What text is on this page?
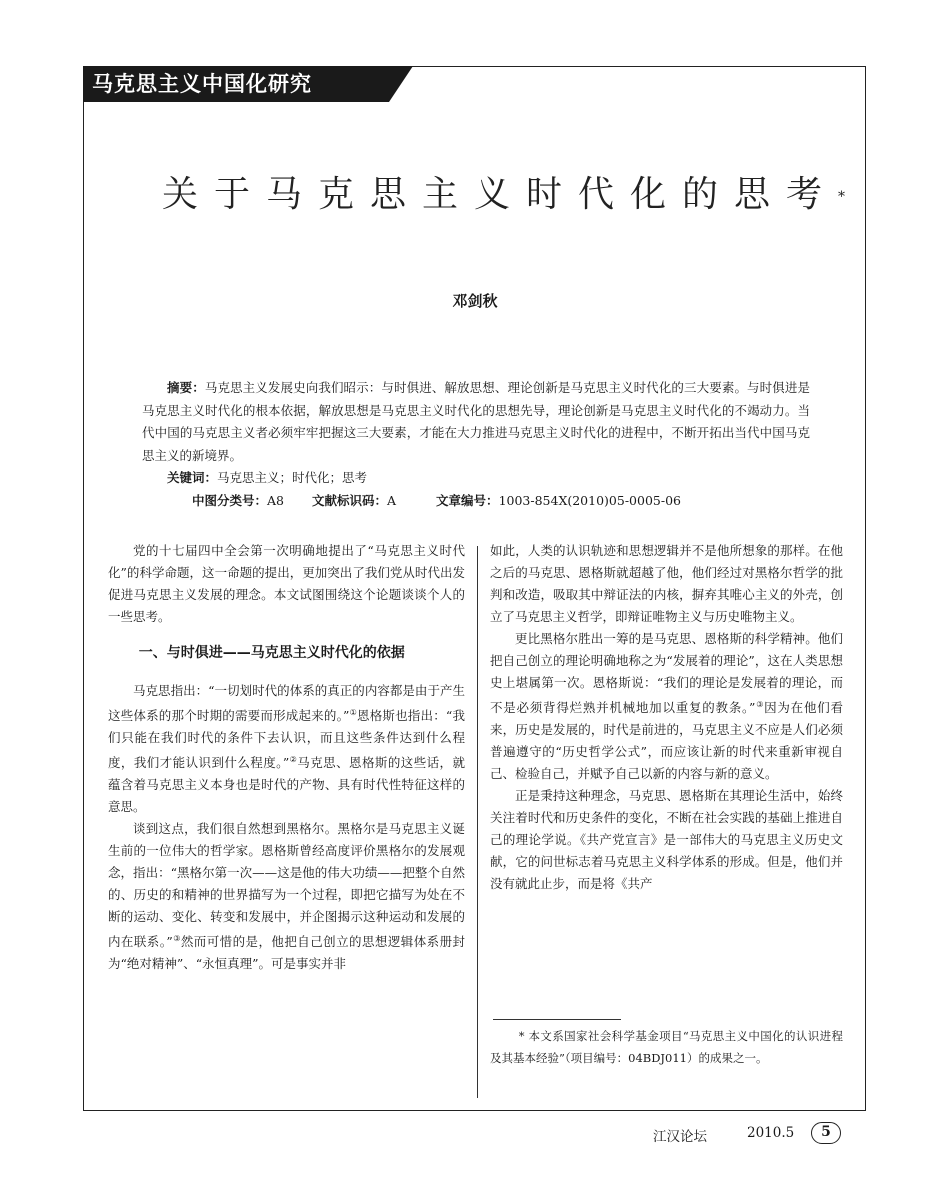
马克思主义中国化研究
关于马克思主义时代化的思考*
邓剑秋

摘要：马克思主义发展史向我们昭示：与时俱进、解放思想、理论创新是马克思主义时代化的三大要素。与时俱进是马克思主义时代化的根本依据，解放思想是马克思主义时代化的思想先导，理论创新是马克思主义时代化的不竭动力。当代中国的马克思主义者必须牢牢把握这三大要素，才能在大力推进马克思主义时代化的进程中，不断开拓出当代中国马克思主义的新境界。

关键词：马克思主义；时代化；思考

中图分类号：A8 文献标识码：A	文章编号：1003-854X(2010)05-0005-06

党的十七届四中全会第一次明确地提出了“马克思主义时代化”的科学命题，这一命题的提出，更加突出了我们党从时代出发促进马克思主义发展的理念。本文试图围绕这个论题谈谈个人的一些思考。

一、与时俱进——马克思主义时代化的依据

马克思指出：“一切划时代的体系的真正的内容都是由于产生这些体系的那个时期的需要而形成起来的。”①恩格斯也指出：“我们只能在我们时代的条件下去认识，而且这些条件达到什么程度，我们才能认识到什么程度。”②马克思、恩格斯的这些话，就蕴含着马克思主义本身也是时代的产物、具有时代性特征这样的意思。

谈到这点，我们很自然想到黑格尔。黑格尔是马克思主义诞生前的一位伟大的哲学家。恩格斯曾经高度评价黑格尔的发展观念，指出：“黑格尔第一次——这是他的伟大功绩——把整个自然的、历史的和精神的世界描写为一个过程，即把它描写为处在不断的运动、变化、转变和发展中，并企图揭示这种运动和发展的内在联系。”③然而可惜的是，他把自己创立的思想逻辑体系册封为“绝对精神”、“永恒真理”。可是事实并非

如此，人类的认识轨迹和思想逻辑并不是他所想象的那样。在他之后的马克思、恩格斯就超越了他，他们经过对黑格尔哲学的批判和改造，吸取其中辩证法的内核，摒弃其唯心主义的外壳，创立了马克思主义哲学，即辩证唯物主义与历史唯物主义。

更比黑格尔胜出一筹的是马克思、恩格斯的科学精神。他们把自己创立的理论明确地称之为“发展着的理论”，这在人类思想史上堪属第一次。恩格斯说：“我们的理论是发展着的理论，而不是必须背得烂熟并机械地加以重复的教条。”③因为在他们看来，历史是发展的，时代是前进的，马克思主义不应是人们必须普遍遵守的“历史哲学公式”，而应该让新的时代来重新审视自己、检验自己，并赋予自己以新的内容与新的意义。

正是秉持这种理念，马克思、恩格斯在其理论生活中，始终关注着时代和历史条件的变化，不断在社会实践的基础上推进自己的理论学说。《共产党宣言》是一部伟大的马克思主义历史文献，它的问世标志着马克思主义科学体系的形成。但是，他们并没有就此止步，而是将《共产

* 本文系国家社会科学基金项目“马克思主义中国化的认识进程及其基本经验”（项目编号：04BDJ011）的成果之一。
江汉论坛	2010.5	5
